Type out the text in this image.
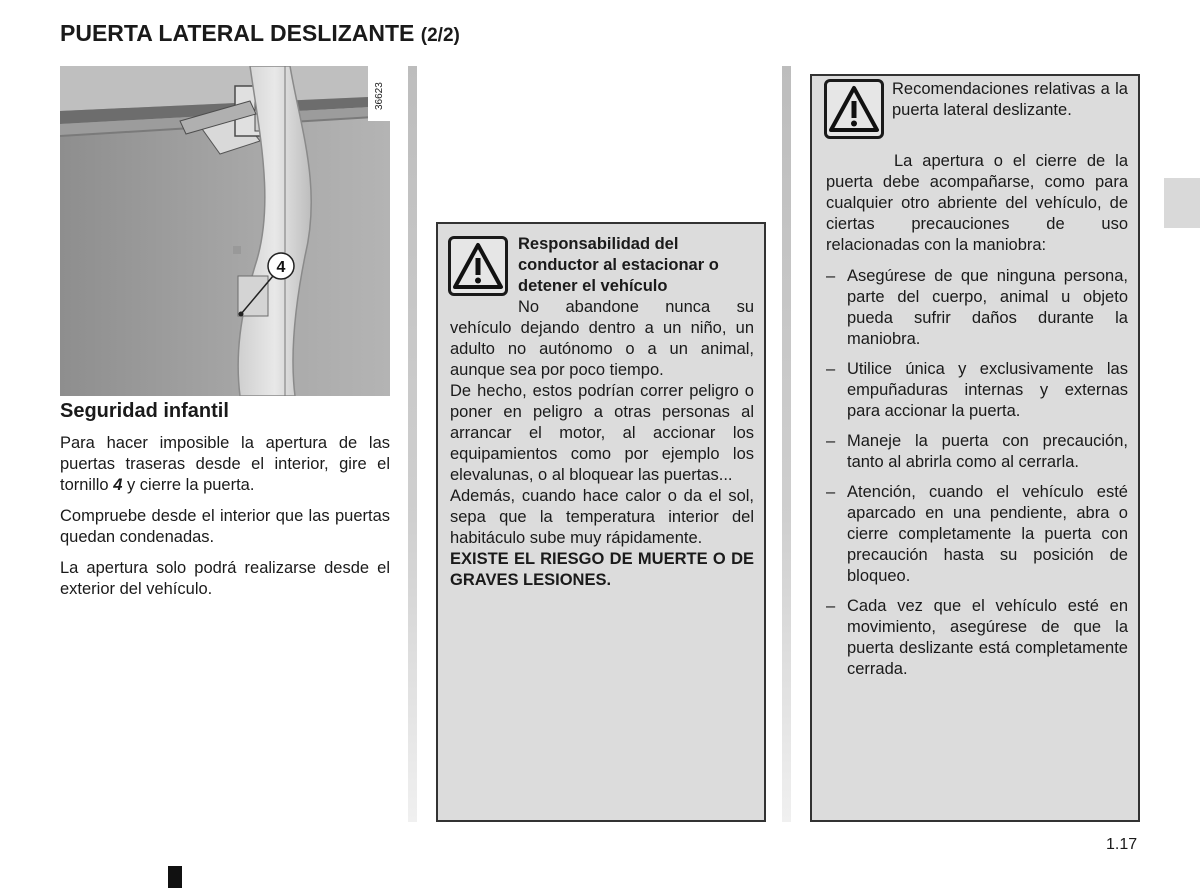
PUERTA LATERAL DESLIZANTE (2/2)
36623
4
Seguridad infantil

Para hacer imposible la apertura de las puertas traseras desde el interior, gire el tornillo 4 y cierre la puerta.

Compruebe desde el interior que las puertas quedan condenadas.

La apertura solo podrá realizarse desde el exterior del vehículo.

Responsabilidad del conductor al estacionar o detener el vehículo

No abandone nunca su vehículo dejando dentro a un niño, un adulto no autónomo o a un animal, aunque sea por poco tiempo.

De hecho, estos podrían correr peligro o poner en peligro a otras personas al arrancar el motor, al accionar los equipamientos como por ejemplo los elevalunas, o al bloquear las puertas...

Además, cuando hace calor o da el sol, sepa que la temperatura interior del habitáculo sube muy rápidamente.

EXISTE EL RIESGO DE MUERTE O DE GRAVES LESIONES.

Recomendaciones relativas a la puerta lateral deslizante.

La apertura o el cierre de la puerta debe acompañarse, como para cualquier otro abriente del vehículo, de ciertas precauciones de uso relacionadas con la maniobra:

– Asegúrese de que ninguna persona, parte del cuerpo, animal u objeto pueda sufrir daños durante la maniobra.
– Utilice única y exclusivamente las empuñaduras internas y externas para accionar la puerta.
– Maneje la puerta con precaución, tanto al abrirla como al cerrarla.
– Atención, cuando el vehículo esté aparcado en una pendiente, abra o cierre completamente la puerta con precaución hasta su posición de bloqueo.
– Cada vez que el vehículo esté en movimiento, asegúrese de que la puerta deslizante está completamente cerrada.
1.17
